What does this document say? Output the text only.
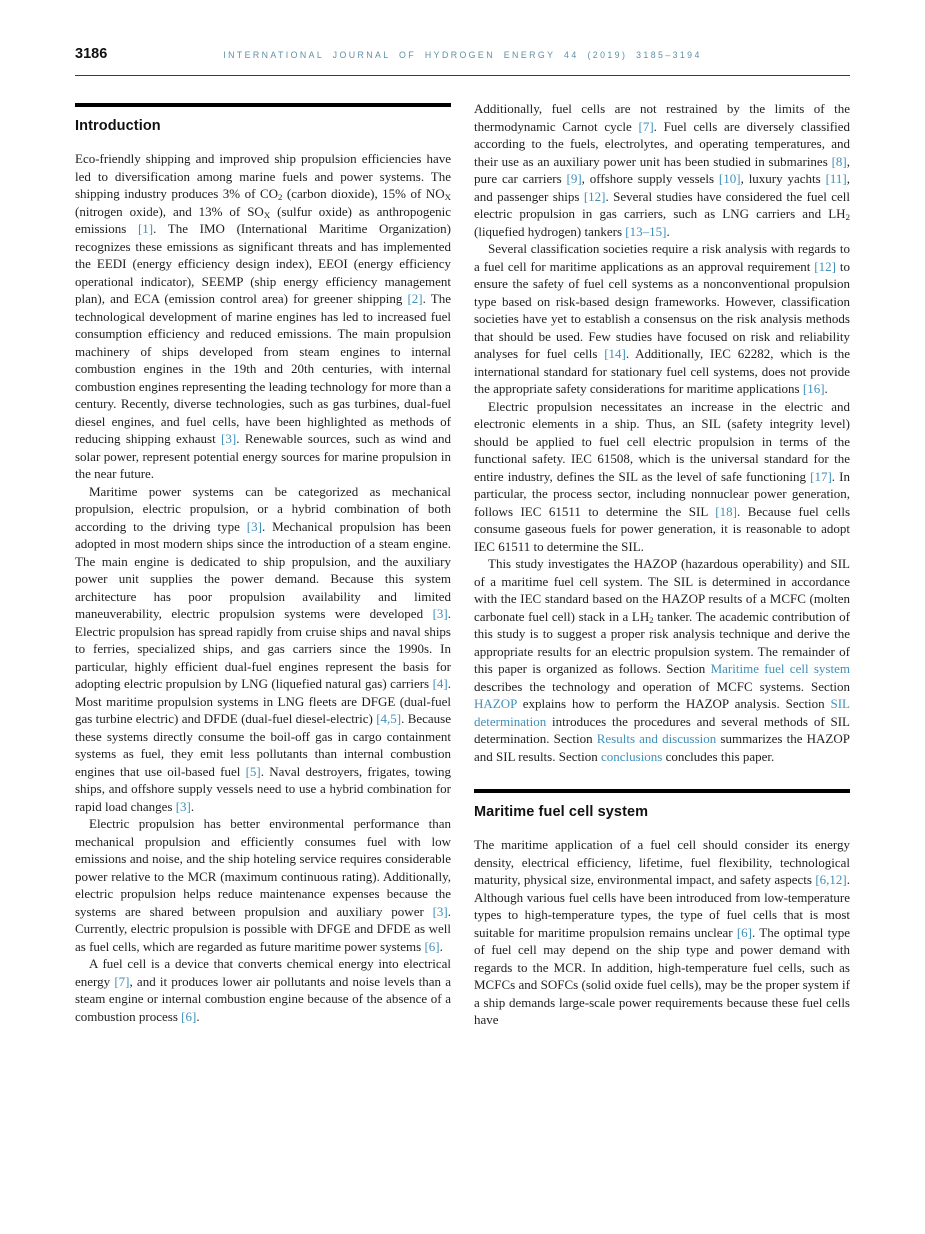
3186	INTERNATIONAL JOURNAL OF HYDROGEN ENERGY 44 (2019) 3185–3194
Introduction

Eco-friendly shipping and improved ship propulsion efficiencies have led to diversification among marine fuels and power systems. The shipping industry produces 3% of $CO_2$ (carbon dioxide), 15% of $NO_X$ (nitrogen oxide), and 13% of $SO_X$ (sulfur oxide) as anthropogenic emissions [1]. The IMO (International Maritime Organization) recognizes these emissions as significant threats and has implemented the EEDI (energy efficiency design index), EEOI (energy efficiency operational indicator), SEEMP (ship energy efficiency management plan), and ECA (emission control area) for greener shipping [2]. The technological development of marine engines has led to increased fuel consumption efficiency and reduced emissions. The main propulsion machinery of ships developed from steam engines to internal combustion engines in the 19th and 20th centuries, with internal combustion engines representing the leading technology for more than a century. Recently, diverse technologies, such as gas turbines, dual-fuel diesel engines, and fuel cells, have been highlighted as methods of reducing shipping exhaust [3]. Renewable sources, such as wind and solar power, represent potential energy sources for marine propulsion in the near future.

Maritime power systems can be categorized as mechanical propulsion, electric propulsion, or a hybrid combination of both according to the driving type [3]. Mechanical propulsion has been adopted in most modern ships since the introduction of a steam engine. The main engine is dedicated to ship propulsion, and the auxiliary power unit supplies the power demand. Because this system architecture has poor propulsion availability and limited maneuverability, electric propulsion systems were developed [3]. Electric propulsion has spread rapidly from cruise ships and naval ships to ferries, specialized ships, and gas carriers since the 1990s. In particular, highly efficient dual-fuel engines represent the basis for adopting electric propulsion by LNG (liquefied natural gas) carriers [4]. Most maritime propulsion systems in LNG fleets are DFGE (dual-fuel gas turbine electric) and DFDE (dual-fuel diesel-electric) [4,5]. Because these systems directly consume the boil-off gas in cargo containment systems as fuel, they emit less pollutants than internal combustion engines that use oil-based fuel [5]. Naval destroyers, frigates, towing ships, and offshore supply vessels need to use a hybrid combination for rapid load changes [3].

Electric propulsion has better environmental performance than mechanical propulsion and efficiently consumes fuel with low emissions and noise, and the ship hoteling service requires considerable power relative to the MCR (maximum continuous rating). Additionally, electric propulsion helps reduce maintenance expenses because the systems are shared between propulsion and auxiliary power [3]. Currently, electric propulsion is possible with DFGE and DFDE as well as fuel cells, which are regarded as future maritime power systems [6].

A fuel cell is a device that converts chemical energy into electrical energy [7], and it produces lower air pollutants and noise levels than a steam engine or internal combustion engine because of the absence of a combustion process [6].

Additionally, fuel cells are not restrained by the limits of the thermodynamic Carnot cycle [7]. Fuel cells are diversely classified according to the fuels, electrolytes, and operating temperatures, and their use as an auxiliary power unit has been studied in submarines [8], pure car carriers [9], offshore supply vessels [10], luxury yachts [11], and passenger ships [12]. Several studies have considered the fuel cell electric propulsion in gas carriers, such as LNG carriers and $LH_2$ (liquefied hydrogen) tankers [13–15].

Several classification societies require a risk analysis with regards to a fuel cell for maritime applications as an approval requirement [12] to ensure the safety of fuel cell systems as a nonconventional propulsion type based on risk-based design frameworks. However, classification societies have yet to establish a consensus on the risk analysis methods that should be used. Few studies have focused on risk and reliability analyses for fuel cells [14]. Additionally, IEC 62282, which is the international standard for stationary fuel cell systems, does not provide the appropriate safety considerations for maritime applications [16].

Electric propulsion necessitates an increase in the electric and electronic elements in a ship. Thus, an SIL (safety integrity level) should be applied to fuel cell electric propulsion in terms of the functional safety. IEC 61508, which is the universal standard for the entire industry, defines the SIL as the level of safe functioning [17]. In particular, the process sector, including nonnuclear power generation, follows IEC 61511 to determine the SIL [18]. Because fuel cells consume gaseous fuels for power generation, it is reasonable to adopt IEC 61511 to determine the SIL.

This study investigates the HAZOP (hazardous operability) and SIL of a maritime fuel cell system. The SIL is determined in accordance with the IEC standard based on the HAZOP results of a MCFC (molten carbonate fuel cell) stack in a $LH_2$ tanker. The academic contribution of this study is to suggest a proper risk analysis technique and derive the appropriate results for an electric propulsion system. The remainder of this paper is organized as follows. Section Maritime fuel cell system describes the technology and operation of MCFC systems. Section HAZOP explains how to perform the HAZOP analysis. Section SIL determination introduces the procedures and several methods of SIL determination. Section Results and discussion summarizes the HAZOP and SIL results. Section conclusions concludes this paper.

Maritime fuel cell system

The maritime application of a fuel cell should consider its energy density, electrical efficiency, lifetime, fuel flexibility, technological maturity, physical size, environmental impact, and safety aspects [6,12]. Although various fuel cells have been introduced from low-temperature types to high-temperature types, the type of fuel cells that is most suitable for maritime propulsion remains unclear [6]. The optimal type of fuel cell may depend on the ship type and power demand with regards to the MCR. In addition, high-temperature fuel cells, such as MCFCs and SOFCs (solid oxide fuel cells), may be the proper system if a ship demands large-scale power requirements because these fuel cells have
